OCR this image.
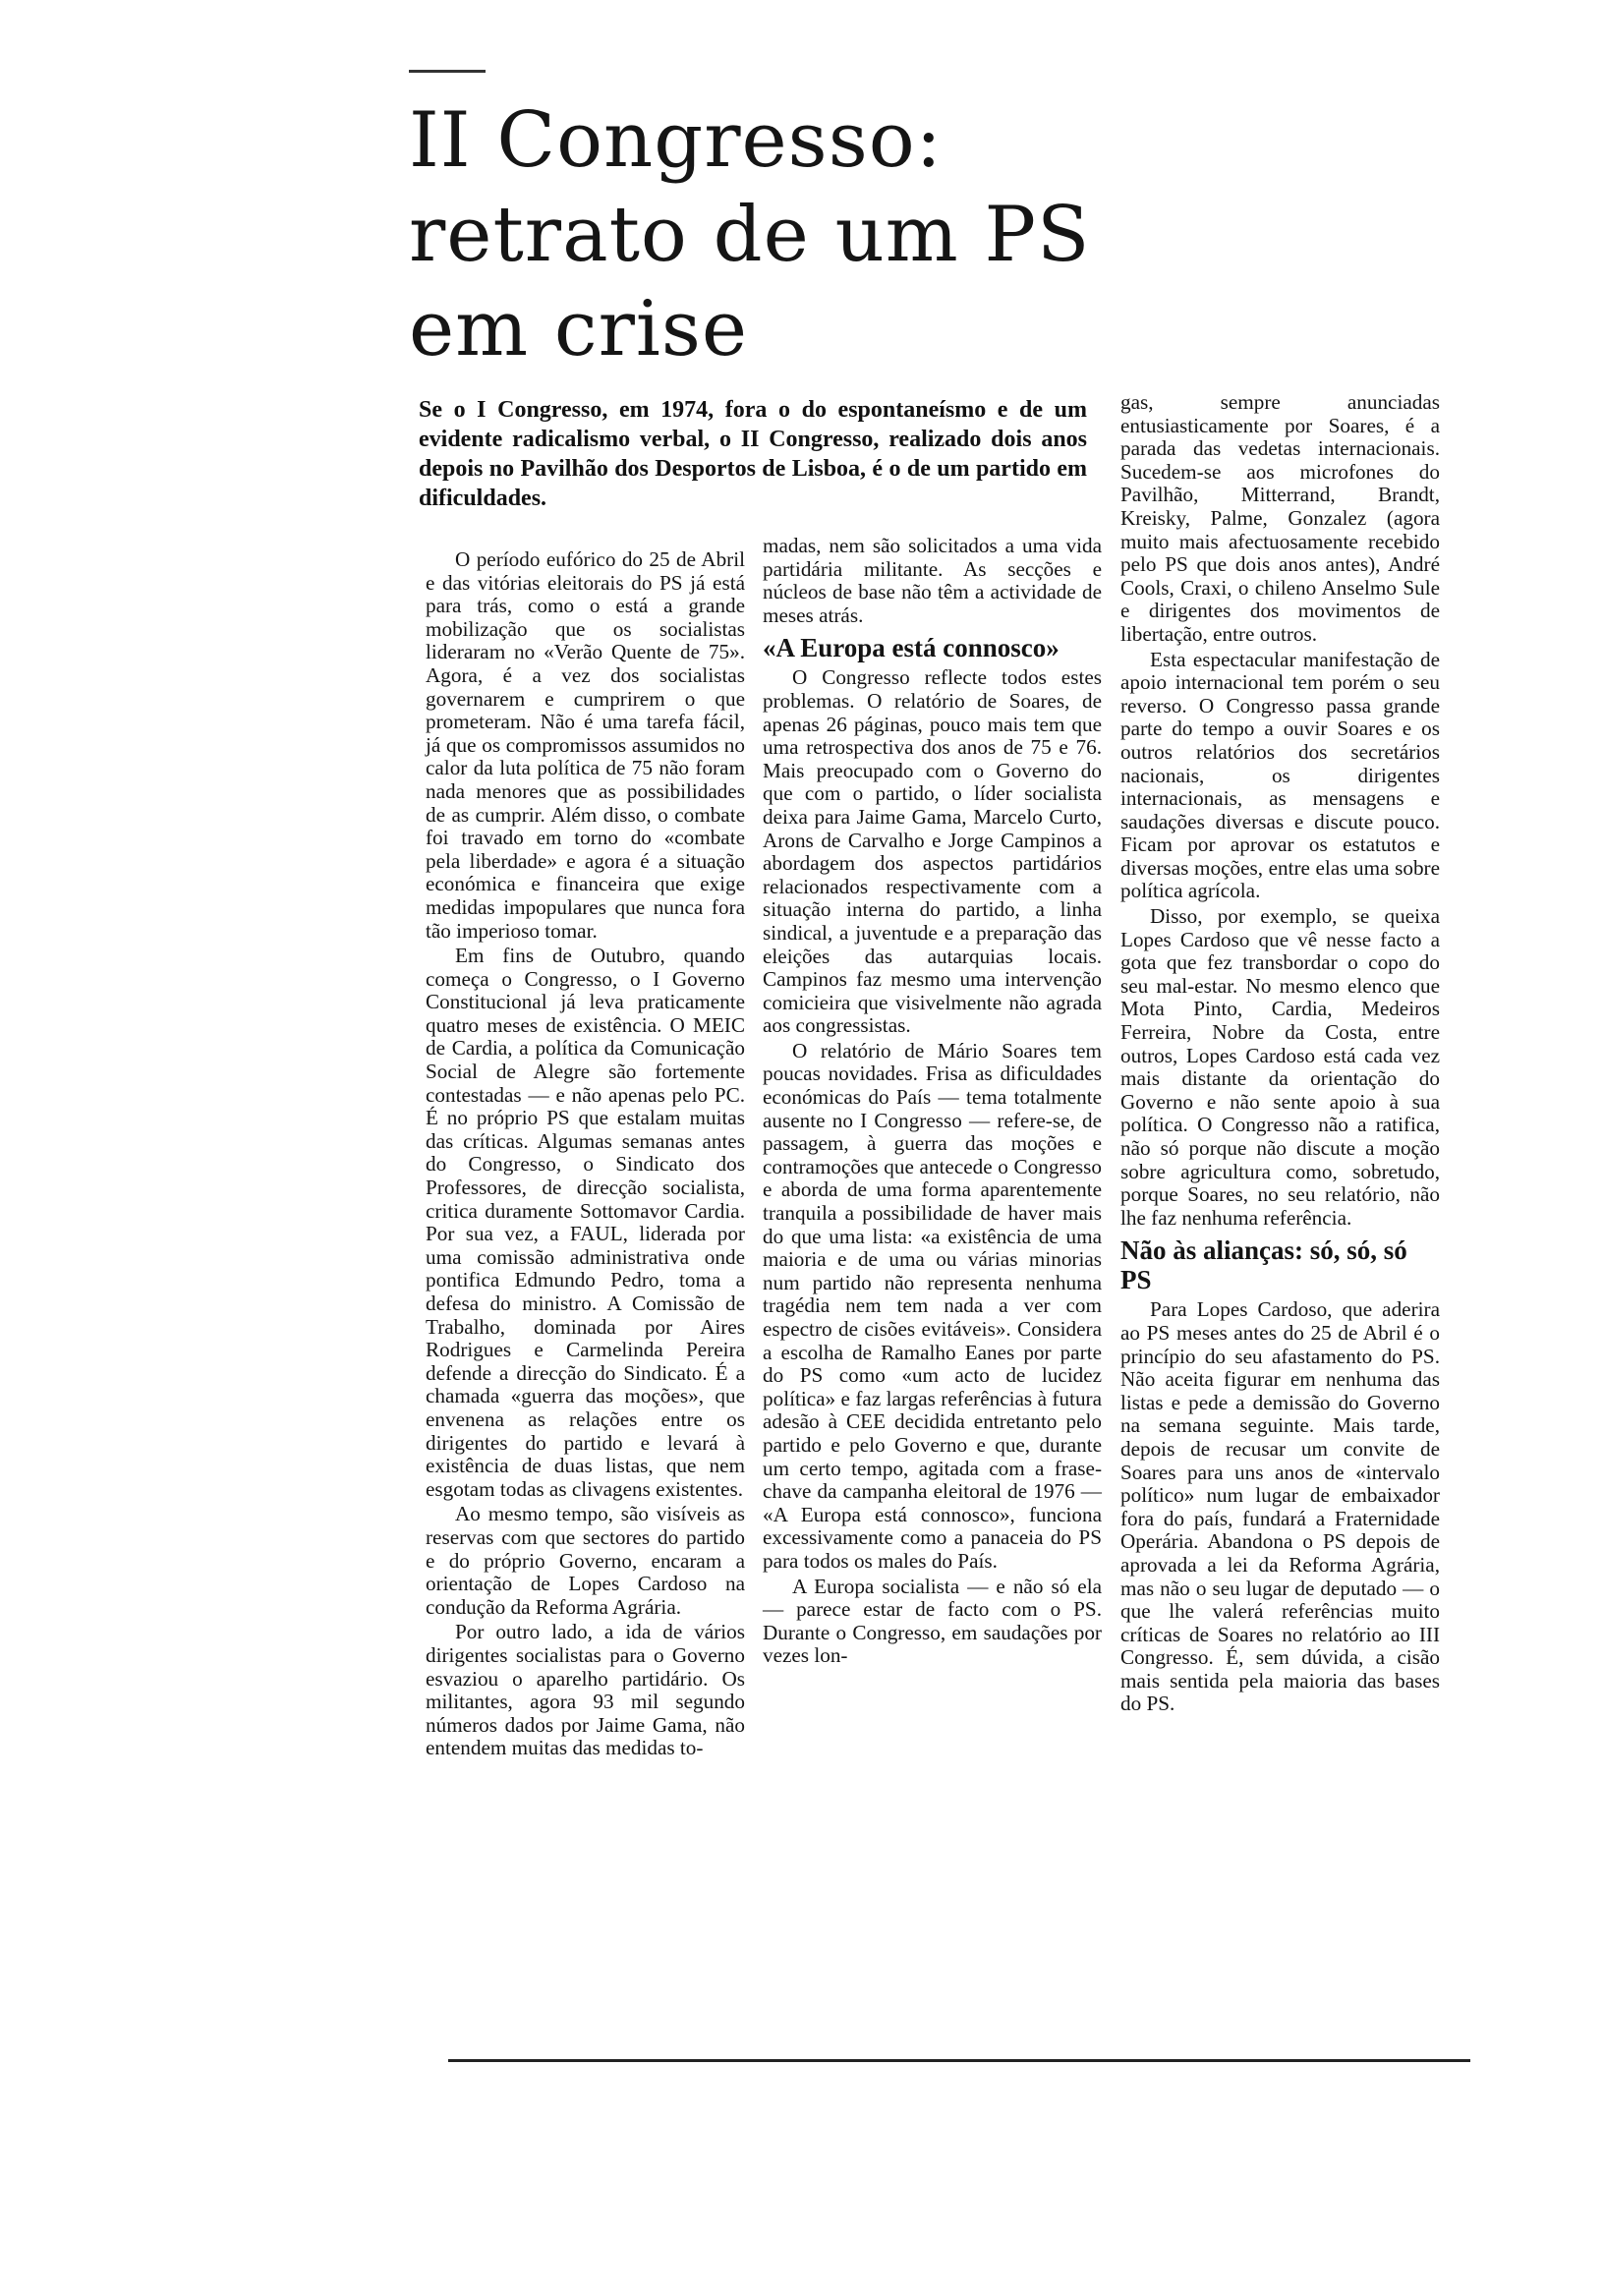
II Congresso:
retrato de um PS
em crise

Se o I Congresso, em 1974, fora o do espontaneísmo e de um evidente radicalismo verbal, o II Congresso, realizado dois anos depois no Pavilhão dos Desportos de Lisboa, é o de um partido em dificuldades.

O período eufórico do 25 de Abril e das vitórias eleitorais do PS já está para trás, como o está a grande mobilização que os socialistas lideraram no «Verão Quente de 75». Agora, é a vez dos socialistas governarem e cumprirem o que prometeram. Não é uma tarefa fácil, já que os compromissos assumidos no calor da luta política de 75 não foram nada menores que as possibilidades de as cumprir. Além disso, o combate foi travado em torno do «combate pela liberdade» e agora é a situação económica e financeira que exige medidas impopulares que nunca fora tão imperioso tomar.

Em fins de Outubro, quando começa o Congresso, o I Governo Constitucional já leva praticamente quatro meses de existência. O MEIC de Cardia, a política da Comunicação Social de Alegre são fortemente contestadas — e não apenas pelo PC. É no próprio PS que estalam muitas das críticas. Algumas semanas antes do Congresso, o Sindicato dos Professores, de direcção socialista, critica duramente Sottomavor Cardia. Por sua vez, a FAUL, liderada por uma comissão administrativa onde pontifica Edmundo Pedro, toma a defesa do ministro. A Comissão de Trabalho, dominada por Aires Rodrigues e Carmelinda Pereira defende a direcção do Sindicato. É a chamada «guerra das moções», que envenena as relações entre os dirigentes do partido e levará à existência de duas listas, que nem esgotam todas as clivagens existentes.

Ao mesmo tempo, são visíveis as reservas com que sectores do partido e do próprio Governo, encaram a orientação de Lopes Cardoso na condução da Reforma Agrária.

Por outro lado, a ida de vários dirigentes socialistas para o Governo esvaziou o aparelho partidário. Os militantes, agora 93 mil segundo números dados por Jaime Gama, não entendem muitas das medidas to-

madas, nem são solicitados a uma vida partidária militante. As secções e núcleos de base não têm a actividade de meses atrás.

«A Europa está connosco»

O Congresso reflecte todos estes problemas. O relatório de Soares, de apenas 26 páginas, pouco mais tem que uma retrospectiva dos anos de 75 e 76. Mais preocupado com o Governo do que com o partido, o líder socialista deixa para Jaime Gama, Marcelo Curto, Arons de Carvalho e Jorge Campinos a abordagem dos aspectos partidários relacionados respectivamente com a situação interna do partido, a linha sindical, a juventude e a preparação das eleições das autarquias locais. Campinos faz mesmo uma intervenção comicieira que visivelmente não agrada aos congressistas.

O relatório de Mário Soares tem poucas novidades. Frisa as dificuldades económicas do País — tema totalmente ausente no I Congresso — refere-se, de passagem, à guerra das moções e contramoções que antecede o Congresso e aborda de uma forma aparentemente tranquila a possibilidade de haver mais do que uma lista: «a existência de uma maioria e de uma ou várias minorias num partido não representa nenhuma tragédia nem tem nada a ver com espectro de cisões evitáveis». Considera a escolha de Ramalho Eanes por parte do PS como «um acto de lucidez política» e faz largas referências à futura adesão à CEE decidida entretanto pelo partido e pelo Governo e que, durante um certo tempo, agitada com a frase-chave da campanha eleitoral de 1976 — «A Europa está connosco», funciona excessivamente como a panaceia do PS para todos os males do País.

A Europa socialista — e não só ela — parece estar de facto com o PS. Durante o Congresso, em saudações por vezes lon-

gas, sempre anunciadas entusiasticamente por Soares, é a parada das vedetas internacionais. Sucedem-se aos microfones do Pavilhão, Mitterrand, Brandt, Kreisky, Palme, Gonzalez (agora muito mais afectuosamente recebido pelo PS que dois anos antes), André Cools, Craxi, o chileno Anselmo Sule e dirigentes dos movimentos de libertação, entre outros.

Esta espectacular manifestação de apoio internacional tem porém o seu reverso. O Congresso passa grande parte do tempo a ouvir Soares e os outros relatórios dos secretários nacionais, os dirigentes internacionais, as mensagens e saudações diversas e discute pouco. Ficam por aprovar os estatutos e diversas moções, entre elas uma sobre política agrícola.

Disso, por exemplo, se queixa Lopes Cardoso que vê nesse facto a gota que fez transbordar o copo do seu mal-estar. No mesmo elenco que Mota Pinto, Cardia, Medeiros Ferreira, Nobre da Costa, entre outros, Lopes Cardoso está cada vez mais distante da orientação do Governo e não sente apoio à sua política. O Congresso não a ratifica, não só porque não discute a moção sobre agricultura como, sobretudo, porque Soares, no seu relatório, não lhe faz nenhuma referência.

Não às alianças: só, só, só PS

Para Lopes Cardoso, que aderira ao PS meses antes do 25 de Abril é o princípio do seu afastamento do PS. Não aceita figurar em nenhuma das listas e pede a demissão do Governo na semana seguinte. Mais tarde, depois de recusar um convite de Soares para uns anos de «intervalo político» num lugar de embaixador fora do país, fundará a Fraternidade Operária. Abandona o PS depois de aprovada a lei da Reforma Agrária, mas não o seu lugar de deputado — o que lhe valerá referências muito críticas de Soares no relatório ao III Congresso. É, sem dúvida, a cisão mais sentida pela maioria das bases do PS.
